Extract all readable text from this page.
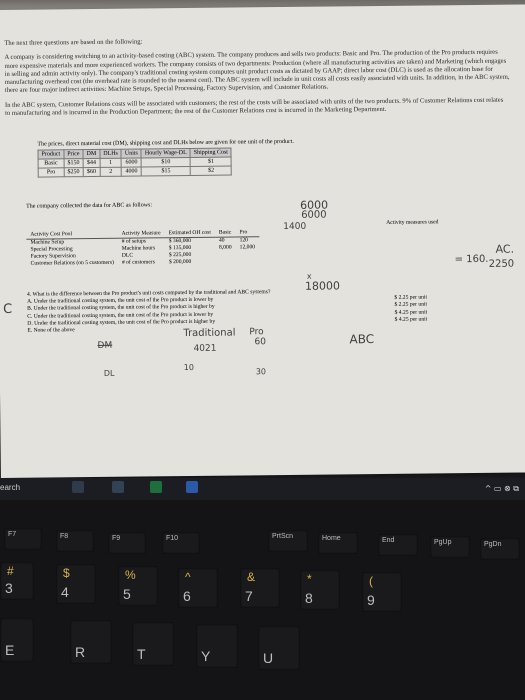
The next three questions are based on the following:

A company is considering switching to an activity-based costing (ABC) system. The company produces and sells two products: Basic and Pro. The production of the Pro products requires more expensive materials and more experienced workers. The company consists of two departments: Production (where all manufacturing activities are taken) and Marketing (which engages in selling and admin activity only). The company's traditional costing system computes unit product costs as dictated by GAAP; direct labor cost (DLC) is used as the allocation base for manufacturing overhead cost (the overhead rate is rounded to the nearest cent). The ABC system will include in unit costs all costs easily associated with units. In addition, in the ABC system, there are four major indirect activities: Machine Setups, Special Processing, Factory Supervision, and Customer Relations.

In the ABC system, Customer Relations costs will be associated with customers; the rest of the costs will be associated with units of the two products. 9% of Customer Relations cost relates to manufacturing and is incurred in the Production Department; the rest of the Customer Relations cost is incurred in the Marketing Department.

The prices, direct material cost (DM), shipping cost and DLHs below are given for one unit of the product.
Product	Price	DM	DLHs	Units	Hourly Wage-DL	Shipping Cost
Basic	$150	$44	1	6000	$10	$1
Pro	$250	$60	2	4000	$15	$2
The company collected the data for ABC as follows:	6000
6000
1400
Activity Cost Pool	Activity Measure	Estimated OH cost	Basic	Pro
Machine Setup	# of setups	$ 360,000	40	120
Special Processing	Machine hours	$ 135,000	8,000	12,000
Factory Supervision	DLC	$ 225,000		
Customer Relations (on 5 customers)	# of customers	$ 200,000		
Activity measures used
x
AC.
= 160. 2250
18000
4. What is the difference between the Pro product's unit costs computed by the traditional and ABC systems?
A. Under the traditional costing system, the unit cost of the Pro product is lower by	$ 2.25 per unit
B. Under the traditional costing system, the unit cost of the Pro product is higher by	$ 2.25 per unit
C. Under the traditional costing system, the unit cost of the Pro product is lower by	$ 4.25 per unit
D. Under the traditional costing system, the unit cost of the Pro product is higher by	$ 4.25 per unit
E. None of the above
C
Traditional
DM	4021
Pro
60	ABC
DL
10	30
earch	^ ▭ ⊗ ⧉
F7	F8	F9	F10	PrtScn	Home	End	PgUp	PgDn
#
3
$
4
%
5
^
6
&
7
*
8
(
9
E	R	T	Y	U
